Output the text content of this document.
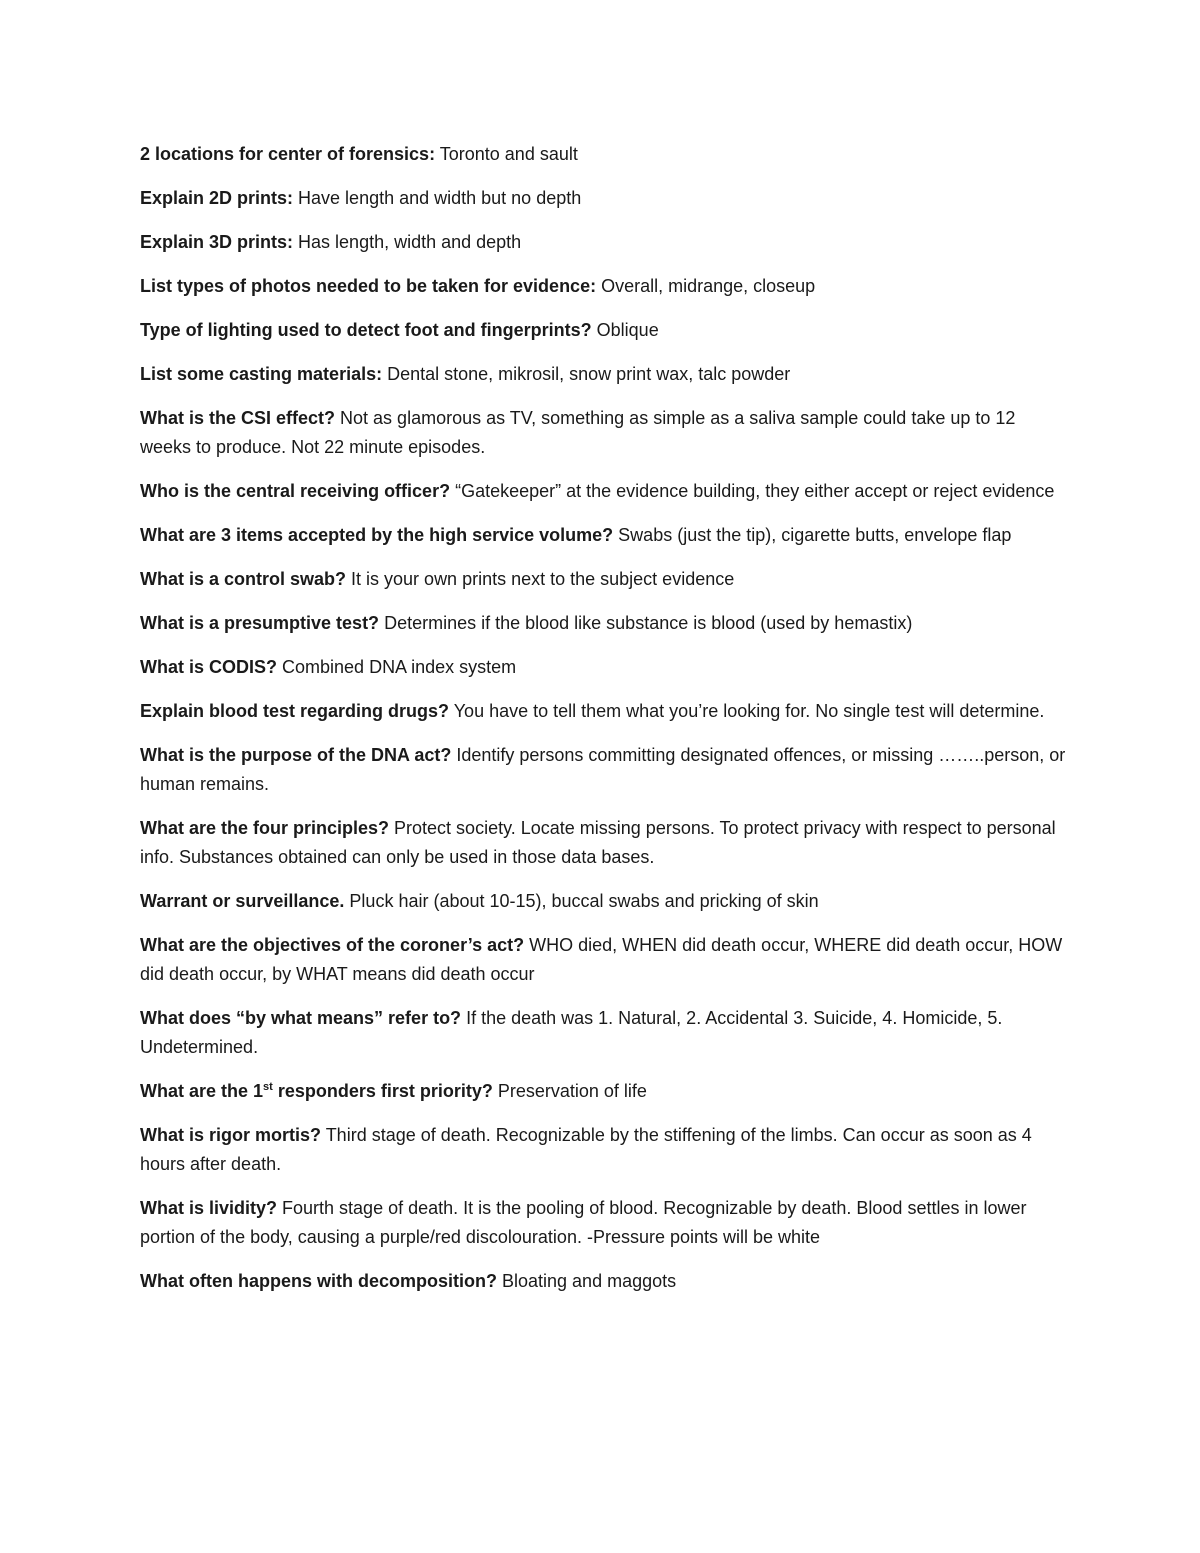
2 locations for center of forensics: Toronto and sault

Explain 2D prints: Have length and width but no depth

Explain 3D prints: Has length, width and depth

List types of photos needed to be taken for evidence: Overall, midrange, closeup

Type of lighting used to detect foot and fingerprints? Oblique

List some casting materials: Dental stone, mikrosil, snow print wax, talc powder

What is the CSI effect? Not as glamorous as TV, something as simple as a saliva sample could take up to 12 weeks to produce. Not 22 minute episodes.

Who is the central receiving officer? “Gatekeeper” at the evidence building, they either accept or reject evidence

What are 3 items accepted by the high service volume? Swabs (just the tip), cigarette butts, envelope flap

What is a control swab? It is your own prints next to the subject evidence

What is a presumptive test? Determines if the blood like substance is blood (used by hemastix)

What is CODIS? Combined DNA index system

Explain blood test regarding drugs? You have to tell them what you’re looking for. No single test will determine.

What is the purpose of the DNA act? Identify persons committing designated offences, or missing ……..person, or human remains.

What are the four principles? Protect society. Locate missing persons. To protect privacy with respect to personal info. Substances obtained can only be used in those data bases.

Warrant or surveillance. Pluck hair (about 10-15), buccal swabs and pricking of skin

What are the objectives of the coroner’s act? WHO died, WHEN did death occur, WHERE did death occur, HOW did death occur, by WHAT means did death occur

What does “by what means” refer to? If the death was 1. Natural, 2. Accidental 3. Suicide, 4. Homicide, 5. Undetermined.

What are the 1st responders first priority? Preservation of life

What is rigor mortis? Third stage of death. Recognizable by the stiffening of the limbs. Can occur as soon as 4 hours after death.

What is lividity? Fourth stage of death. It is the pooling of blood. Recognizable by death. Blood settles in lower portion of the body, causing a purple/red discolouration. -Pressure points will be white

What often happens with decomposition? Bloating and maggots
